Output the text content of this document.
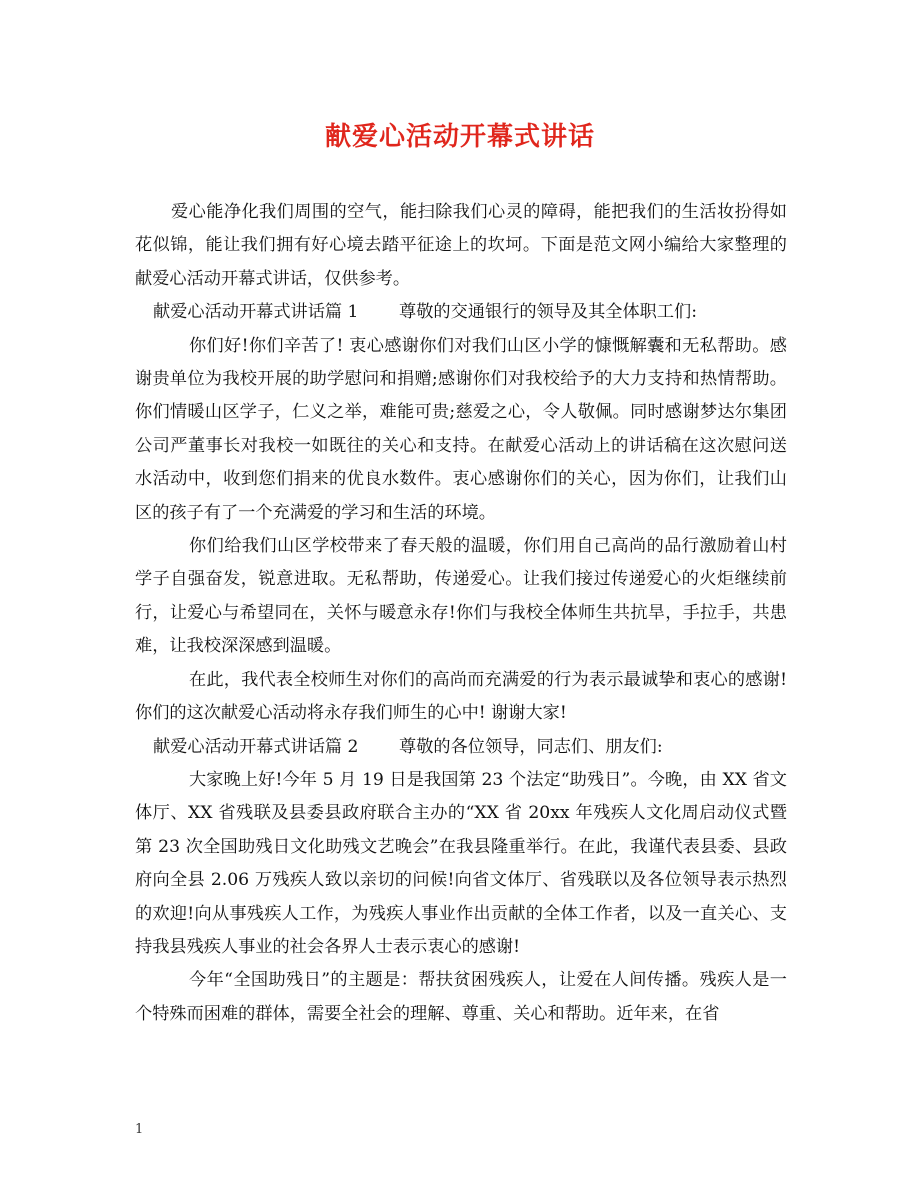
献爱心活动开幕式讲话

爱心能净化我们周围的空气，能扫除我们心灵的障碍，能把我们的生活妆扮得如花似锦，能让我们拥有好心境去踏平征途上的坎坷。下面是范文网小编给大家整理的献爱心活动开幕式讲话，仅供参考。

献爱心活动开幕式讲话篇 1 尊敬的交通银行的领导及其全体职工们:

你们好!你们辛苦了! 衷心感谢你们对我们山区小学的慷慨解囊和无私帮助。感谢贵单位为我校开展的助学慰问和捐赠;感谢你们对我校给予的大力支持和热情帮助。你们情暖山区学子，仁义之举，难能可贵;慈爱之心，令人敬佩。同时感谢梦达尔集团公司严董事长对我校一如既往的关心和支持。在献爱心活动上的讲话稿在这次慰问送水活动中，收到您们捐来的优良水数件。衷心感谢你们的关心，因为你们，让我们山区的孩子有了一个充满爱的学习和生活的环境。

你们给我们山区学校带来了春天般的温暖，你们用自己高尚的品行激励着山村学子自强奋发，锐意进取。无私帮助，传递爱心。让我们接过传递爱心的火炬继续前行，让爱心与希望同在，关怀与暖意永存!你们与我校全体师生共抗旱，手拉手，共患难，让我校深深感到温暖。

在此，我代表全校师生对你们的高尚而充满爱的行为表示最诚挚和衷心的感谢!你们的这次献爱心活动将永存我们师生的心中! 谢谢大家!

献爱心活动开幕式讲话篇 2 尊敬的各位领导，同志们、朋友们:

大家晚上好!今年 5 月 19 日是我国第 23 个法定“助残日”。今晚，由 XX 省文体厅、XX 省残联及县委县政府联合主办的“XX 省 20xx 年残疾人文化周启动仪式暨第 23 次全国助残日文化助残文艺晚会”在我县隆重举行。在此，我谨代表县委、县政府向全县 2.06 万残疾人致以亲切的问候!向省文体厅、省残联以及各位领导表示热烈的欢迎!向从事残疾人工作，为残疾人事业作出贡献的全体工作者，以及一直关心、支持我县残疾人事业的社会各界人士表示衷心的感谢!

今年“全国助残日”的主题是：帮扶贫困残疾人，让爱在人间传播。残疾人是一个特殊而困难的群体，需要全社会的理解、尊重、关心和帮助。近年来，在省

1
